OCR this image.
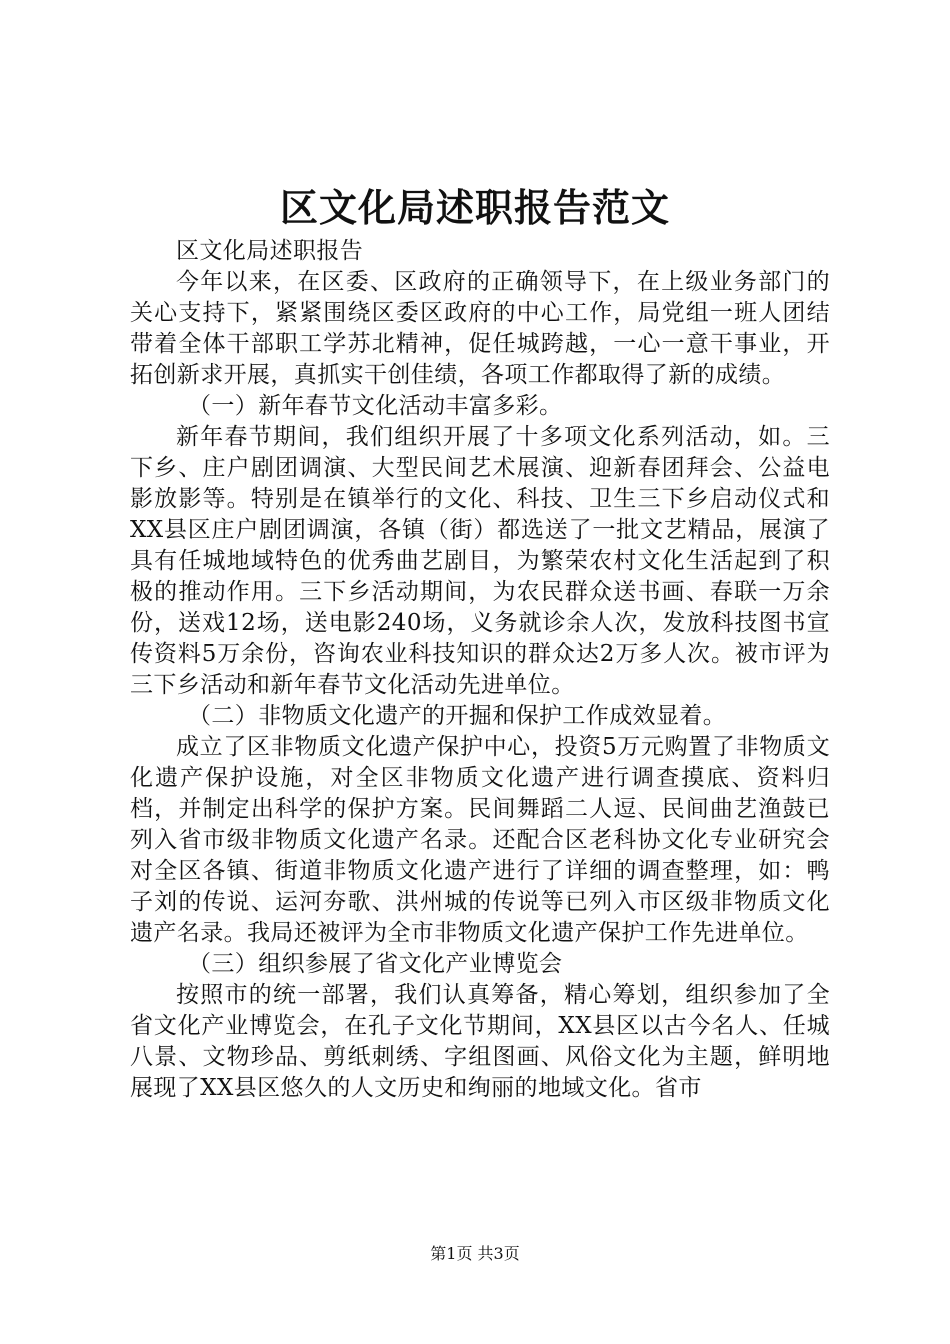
区文化局述职报告范文

区文化局述职报告

今年以来，在区委、区政府的正确领导下，在上级业务部门的关心支持下，紧紧围绕区委区政府的中心工作，局党组一班人团结带着全体干部职工学苏北精神，促任城跨越，一心一意干事业，开拓创新求开展，真抓实干创佳绩，各项工作都取得了新的成绩。

（一）新年春节文化活动丰富多彩。

新年春节期间，我们组织开展了十多项文化系列活动，如。三下乡、庄户剧团调演、大型民间艺术展演、迎新春团拜会、公益电影放影等。特别是在镇举行的文化、科技、卫生三下乡启动仪式和XX县区庄户剧团调演，各镇（街）都选送了一批文艺精品，展演了具有任城地域特色的优秀曲艺剧目，为繁荣农村文化生活起到了积极的推动作用。三下乡活动期间，为农民群众送书画、春联一万余份，送戏12场，送电影240场，义务就诊余人次，发放科技图书宣传资料5万余份，咨询农业科技知识的群众达2万多人次。被市评为三下乡活动和新年春节文化活动先进单位。

（二）非物质文化遗产的开掘和保护工作成效显着。

成立了区非物质文化遗产保护中心，投资5万元购置了非物质文化遗产保护设施，对全区非物质文化遗产进行调查摸底、资料归档，并制定出科学的保护方案。民间舞蹈二人逗、民间曲艺渔鼓已列入省市级非物质文化遗产名录。还配合区老科协文化专业研究会对全区各镇、街道非物质文化遗产进行了详细的调查整理，如：鸭子刘的传说、运河夯歌、洪州城的传说等已列入市区级非物质文化遗产名录。我局还被评为全市非物质文化遗产保护工作先进单位。

（三）组织参展了省文化产业博览会

按照市的统一部署，我们认真筹备，精心筹划，组织参加了全省文化产业博览会，在孔子文化节期间，XX县区以古今名人、任城八景、文物珍品、剪纸刺绣、字组图画、风俗文化为主题，鲜明地展现了XX县区悠久的人文历史和绚丽的地域文化。省市

第1页 共3页
